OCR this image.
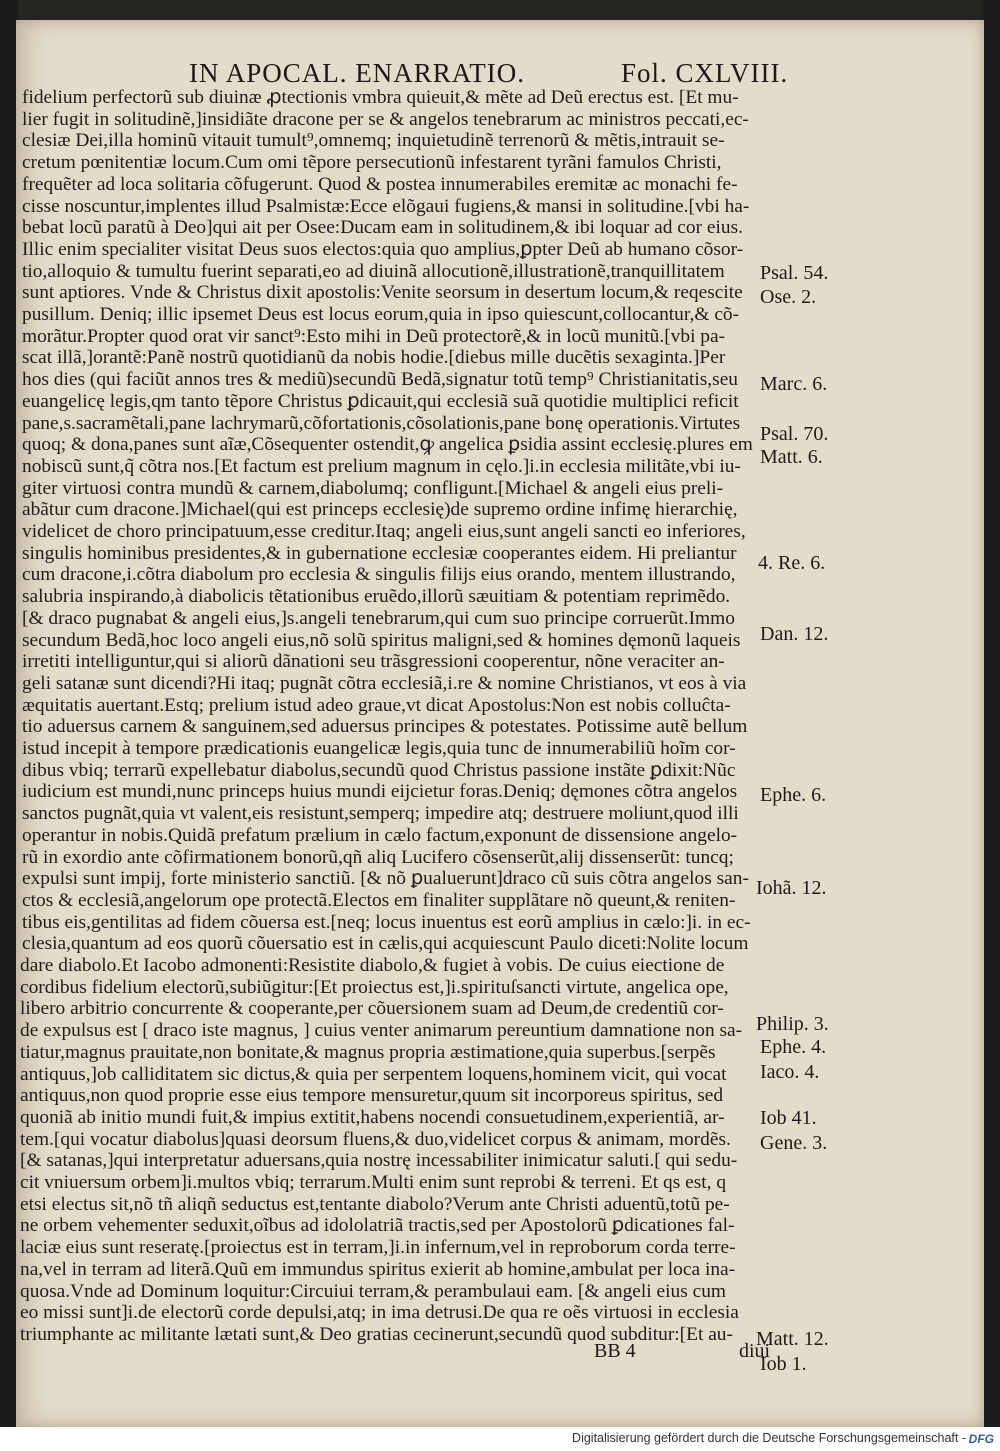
IN APOCAL. ENARRATIO.	Fol. CXLVIII.
fidelium perfectorũ sub diuinæ ꝓtectionis vmbra quieuit,& mẽte ad Deũ erectus est. [Et mu-
lier fugit in solitudinẽ,]insidiãte dracone per se & angelos tenebrarum ac ministros peccati,ec-
clesiæ Dei,illa hominũ vitauit tumult⁹,omnemq; inquietudinẽ terrenorũ & mẽtis,intrauit se-
cretum pœnitentiæ locum.Cum omi tẽpore persecutionũ infestarent tyrãni famulos Christi,
frequẽter ad loca solitaria cõfugerunt. Quod & postea innumerabiles eremitæ ac monachi fe-
cisse noscuntur,implentes illud Psalmistæ:Ecce elõgaui fugiens,& mansi in solitudine.[vbi ha-
bebat locũ paratũ à Deo]qui ait per Osee:Ducam eam in solitudinem,& ibi loquar ad cor eius.
Illic enim specialiter visitat Deus suos electos:quia quo amplius,ꝑpter Deũ ab humano cõsor-
tio,alloquio & tumultu fuerint separati,eo ad diuinã allocutionẽ,illustrationẽ,tranquillitatem
sunt aptiores. Vnde & Christus dixit apostolis:Venite seorsum in desertum locum,& reqescite
pusillum. Deniq; illic ipsemet Deus est locus eorum,quia in ipso quiescunt,collocantur,& cõ-
morãtur.Propter quod orat vir sanct⁹:Esto mihi in Deũ protectorẽ,& in locũ munitũ.[vbi pa-
scat illã,]orantẽ:Panẽ nostrũ quotidianũ da nobis hodie.[diebus mille ducẽtis sexaginta.]Per
hos dies (qui faciũt annos tres & mediũ)secundũ Bedã,signatur totũ temp⁹ Christianitatis,seu
euangelicę legis,qm tanto tẽpore Christus ꝑdicauit,qui ecclesiã suã quotidie multiplici reficit
pane,s.sacramẽtali,pane lachrymarũ,cõfortationis,cõsolationis,pane bonę operationis.Virtutes
quoq; & dona,panes sunt aĩæ,Cõsequenter ostendit,ꝙ angelica ꝑsidia assint ecclesię.plures em
nobiscũ sunt,q̃ cõtra nos.[Et factum est prelium magnum in cęlo.]i.in ecclesia militãte,vbi iu-
giter virtuosi contra mundũ & carnem,diabolumq; confligunt.[Michael & angeli eius preli-
abãtur cum dracone.]Michael(qui est princeps ecclesię)de supremo ordine infimę hierarchię,
videlicet de choro principatuum,esse creditur.Itaq; angeli eius,sunt angeli sancti eo inferiores,
singulis hominibus presidentes,& in gubernatione ecclesiæ cooperantes eidem. Hi preliantur
cum dracone,i.cõtra diabolum pro ecclesia & singulis filijs eius orando, mentem illustrando,
salubria inspirando,à diabolicis tẽtationibus eruẽdo,illorũ sæuitiam & potentiam reprimẽdo.
[& draco pugnabat & angeli eius,]s.angeli tenebrarum,qui cum suo principe corruerũt.Immo
secundum Bedã,hoc loco angeli eius,nõ solũ spiritus maligni,sed & homines dęmonũ laqueis
irretiti intelliguntur,qui si aliorũ dãnationi seu trãsgressioni cooperentur, nõne veraciter an-
geli satanæ sunt dicendi?Hi itaq; pugnãt cõtra ecclesiã,i.re & nomine Christianos, vt eos à via
æquitatis auertant.Estq; prelium istud adeo graue,vt dicat Apostolus:Non est nobis colluĉta-
tio aduersus carnem & sanguinem,sed aduersus principes & potestates. Potissime autẽ bellum
istud incepit à tempore prædicationis euangelicæ legis,quia tunc de innumerabiliũ hoĩm cor-
dibus vbiq; terrarũ expellebatur diabolus,secundũ quod Christus passione instãte ꝑdixit:Nũc
iudicium est mundi,nunc princeps huius mundi eijcietur foras.Deniq; dęmones cõtra angelos
sanctos pugnãt,quia vt valent,eis resistunt,semperq; impedire atq; destruere moliunt,quod illi
operantur in nobis.Quidã prefatum prælium in cælo factum,exponunt de dissensione angelo-
rũ in exordio ante cõfirmationem bonorũ,qñ aliq Lucifero cõsenserũt,alij dissenserũt: tuncq;
expulsi sunt impij, forte ministerio sanctiũ. [& nõ ꝑualuerunt]draco cũ suis cõtra angelos san-
ctos & ecclesiã,angelorum ope protectã.Electos em finaliter supplãtare nõ queunt,& reniten-
tibus eis,gentilitas ad fidem cõuersa est.[neq; locus inuentus est eorũ amplius in cælo:]i. in ec-
clesia,quantum ad eos quorũ cõuersatio est in cælis,qui acquiescunt Paulo diceti:Nolite locum
dare diabolo.Et Iacobo admonenti:Resistite diabolo,& fugiet à vobis. De cuius eiectione de
cordibus fidelium electorũ,subiũgitur:[Et proiectus est,]i.spirituſsancti virtute, angelica ope,
libero arbitrio concurrente & cooperante,per cõuersionem suam ad Deum,de credentiũ cor-
de expulsus est [ draco iste magnus, ] cuius venter animarum pereuntium damnatione non sa-
tiatur,magnus prauitate,non bonitate,& magnus propria æstimatione,quia superbus.[serpẽs
antiquus,]ob calliditatem sic dictus,& quia per serpentem loquens,hominem vicit, qui vocat
antiquus,non quod proprie esse eius tempore mensuretur,quum sit incorporeus spiritus, sed
quoniã ab initio mundi fuit,& impius extitit,habens nocendi consuetudinem,experientiã, ar-
tem.[qui vocatur diabolus]quasi deorsum fluens,& duo,videlicet corpus & animam, mordẽs.
[& satanas,]qui interpretatur aduersans,quia nostrę incessabiliter inimicatur saluti.[ qui sedu-
cit vniuersum orbem]i.multos vbiq; terrarum.Multi enim sunt reprobi & terreni. Et qs est, q
etsi electus sit,nõ tñ aliqñ seductus est,tentante diabolo?Verum ante Christi aduentũ,totũ pe-
ne orbem vehementer seduxit,oĩbus ad idololatriã tractis,sed per Apostolorũ ꝑdicationes fal-
laciæ eius sunt reseratę.[proiectus est in terram,]i.in infernum,vel in reproborum corda terre-
na,vel in terram ad literã.Quũ em immundus spiritus exierit ab homine,ambulat per loca ina-
quosa.Vnde ad Dominum loquitur:Circuiui terram,& perambulaui eam. [& angeli eius cum
eo missi sunt]i.de electorũ corde depulsi,atq; in ima detrusi.De qua re oẽs virtuosi in ecclesia
triumphante ac militante lætati sunt,& Deo gratias cecinerunt,secundũ quod subditur:[Et au-
Psal. 54.
Ose. 2.
Marc. 6.
Psal. 70.
Matt. 6.
4. Re. 6.
Dan. 12.
Ephe. 6.
Iohã. 12.
Philip. 3.
Ephe. 4.
Iaco. 4.
Iob 41.
Gene. 3.
Matt. 12.
Iob 1.
BB 4	diui
Digitalisierung gefördert durch die Deutsche Forschungsgemeinschaft - DFG
